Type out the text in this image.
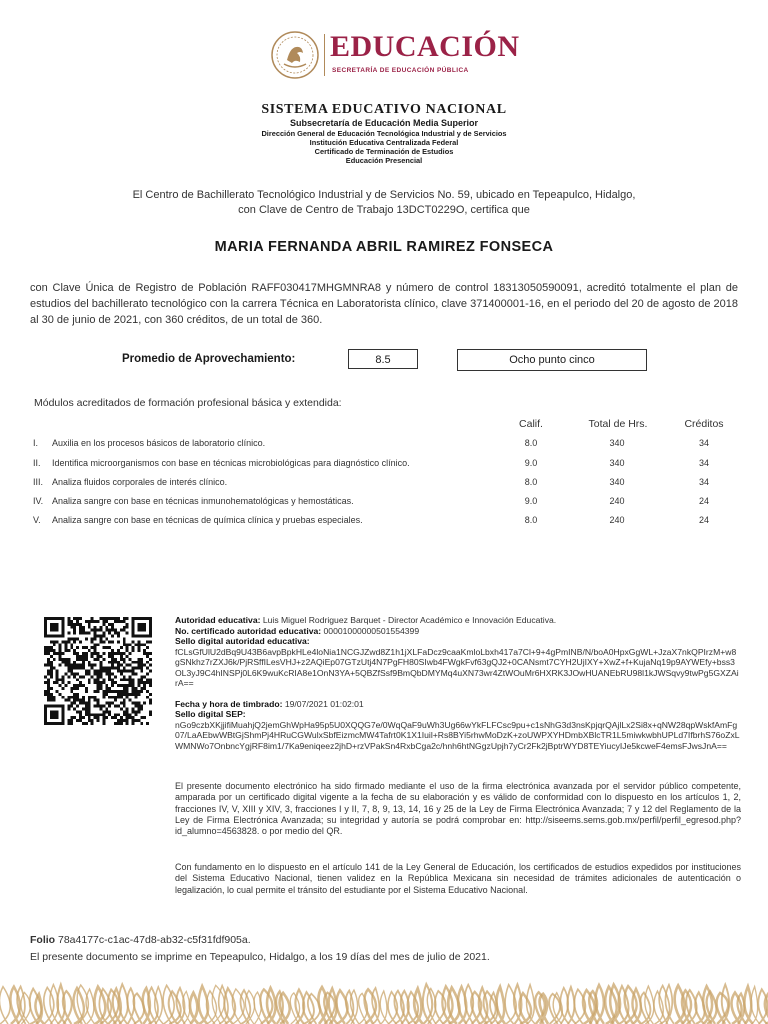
EDUCACIÓN
SECRETARÍA DE EDUCACIÓN PÚBLICA
SISTEMA EDUCATIVO NACIONAL
Subsecretaría de Educación Media Superior
Dirección General de Educación Tecnológica Industrial y de Servicios
Institución Educativa Centralizada Federal
Certificado de Terminación de Estudios
Educación Presencial
El Centro de Bachillerato Tecnológico Industrial y de Servicios No. 59, ubicado en Tepeapulco, Hidalgo,
con Clave de Centro de Trabajo 13DCT0229O, certifica que
MARIA FERNANDA ABRIL RAMIREZ FONSECA
con Clave Única de Registro de Población RAFF030417MHGMNRA8 y número de control 18313050590091, acreditó totalmente el plan de estudios del bachillerato tecnológico con la carrera Técnica en Laboratorista clínico, clave 371400001-16, en el periodo del 20 de agosto de 2018 al 30 de junio de 2021, con 360 créditos, de un total de 360.
Promedio de Aprovechamiento:	8.5	Ocho punto cinco
Módulos acreditados de formación profesional básica y extendida:
Calif.	Total de Hrs.	Créditos
I. Auxilia en los procesos básicos de laboratorio clínico.	8.0	340	34
II. Identifica microorganismos con base en técnicas microbiológicas para diagnóstico clínico.	9.0	340	34
III. Analiza fluidos corporales de interés clínico.	8.0	340	34
IV. Analiza sangre con base en técnicas inmunohematológicas y hemostáticas.	9.0	240	24
V. Analiza sangre con base en técnicas de química clínica y pruebas especiales.	8.0	240	24
Autoridad educativa: Luis Miguel Rodriguez Barquet - Director Académico e Innovación Educativa.
No. certificado autoridad educativa: 00001000000501554399
Sello digital autoridad educativa:
fCLsGfUlU2dBq9U43B6avpBpkHLe4loNia1NCGJZwd8Z1h1jXLFaDcz9caaKmloLbxh417a7Cl+9+4gPmINB/N/boA0HpxGgWL+JzaX7nkQPIrzM+w8gSNkhz7rZXJ6k/PjRSffILesVHJ+z2AQiEp07GTzUtj4N7PgFH80SIwb4FWgkFvf63gQJ2+0CANsmt7CYH2UjIXY+XwZ+f+KujaNq19p9AYWEfy+bss3OL3yJ9C4hINSPj0L6K9wuKcRIA8e1OnN3YA+5QBZfSsf9BmQbDMYMq4uXN73wr4ZtWOuMr6HXRK3JOwHUANEbRU98l1kJWSqvy9twPg5GXZAirA==
Fecha y hora de timbrado: 19/07/2021 01:02:01
Sello digital SEP:
nGo9czbXKjjifiMuahjQ2jemGhWpHa95p5U0XQQG7e/0WqQaF9uWh3Ug66wYkFLFCsc9pu+c1sNhG3d3nsKpjqrQAjlLx2Si8x+qNW28qpWskfAmFg07/LaAEbwWBtGjShmPj4HRuCGWulxSbfEizmcMW4Tafrt0K1X1Iuil+Rs8BYi5rhwMoDzK+zoUWPXYHDmbXBlcTR1L5miwkwbhUPLd7IfbrhS76oZxLWMNWo7OnbncYgjRF8im1/7Ka9eniqeez2jhD+rzVPakSn4RxbCga2c/hnh6htNGgzUpjh7yCr2Fk2jBptrWYD8TEYiucyIJe5kcweF4emsFJwsJnA==
El presente documento electrónico ha sido firmado mediante el uso de la firma electrónica avanzada por el servidor público competente, amparada por un certificado digital vigente a la fecha de su elaboración y es válido de conformidad con lo dispuesto en los artículos 1, 2, fracciones IV, V, XIII y XIV, 3, fracciones I y II, 7, 8, 9, 13, 14, 16 y 25 de la Ley de Firma Electrónica Avanzada; 7 y 12 del Reglamento de la Ley de Firma Electrónica Avanzada; su integridad y autoría se podrá comprobar en: http://siseems.sems.gob.mx/perfil/perfil_egresod.php?id_alumno=4563828. o por medio del QR.
Con fundamento en lo dispuesto en el artículo 141 de la Ley General de Educación, los certificados de estudios expedidos por instituciones del Sistema Educativo Nacional, tienen validez en la República Mexicana sin necesidad de trámites adicionales de autenticación o legalización, lo cual permite el tránsito del estudiante por el Sistema Educativo Nacional.
Folio 78a4177c-c1ac-47d8-ab32-c5f31fdf905a.
El presente documento se imprime en Tepeapulco, Hidalgo, a los 19 días del mes de julio de 2021.
